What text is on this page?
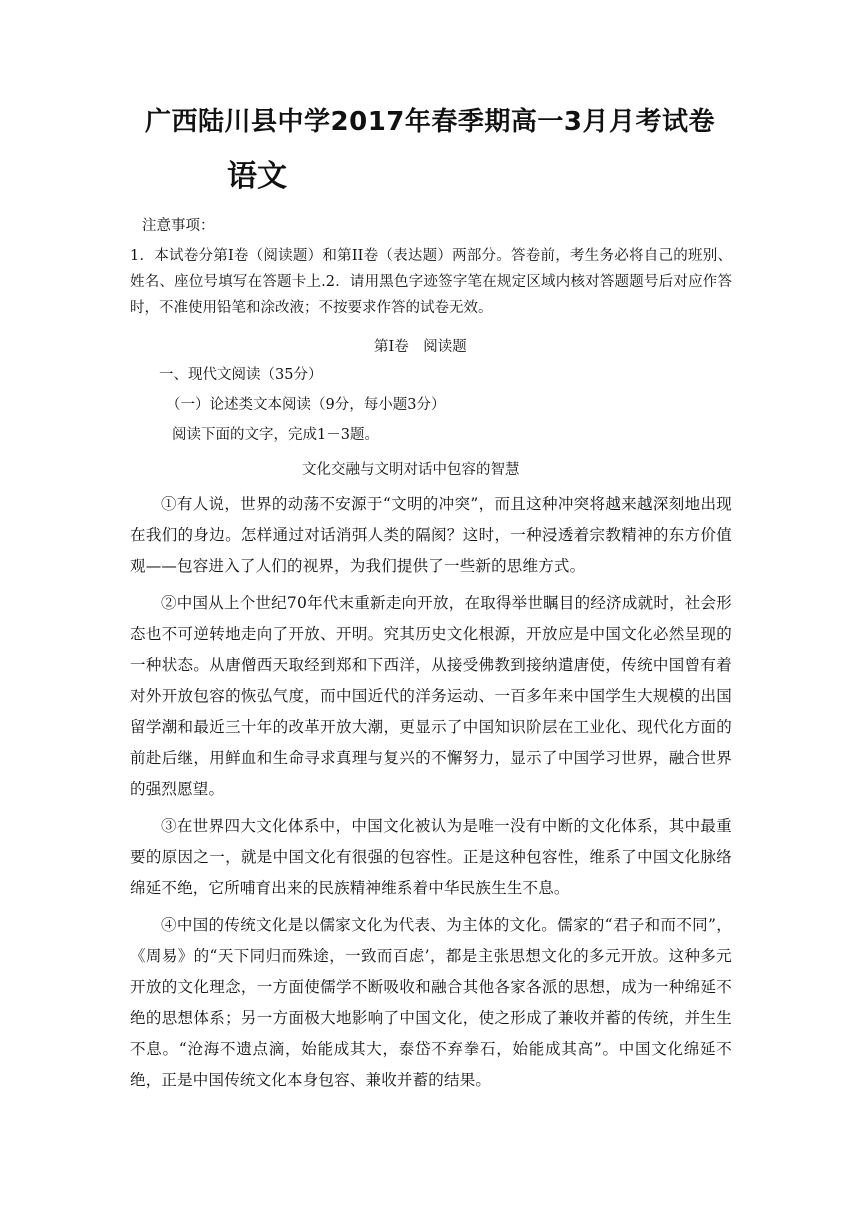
广西陆川县中学2017年春季期高一3月月考试卷
语文
注意事项：
1．本试卷分第Ⅰ卷（阅读题）和第II卷（表达题）两部分。答卷前，考生务必将自己的班别、姓名、座位号填写在答题卡上.2．请用黑色字迹签字笔在规定区域内核对答题题号后对应作答时，不准使用铅笔和涂改液；不按要求作答的试卷无效。
第Ⅰ卷　阅读题
一、现代文阅读（35分）
（一）论述类文本阅读（9分，每小题3分）
阅读下面的文字，完成1－3题。
文化交融与文明对话中包容的智慧

①有人说，世界的动荡不安源于“文明的冲突”，而且这种冲突将越来越深刻地出现在我们的身边。怎样通过对话消弭人类的隔阂？这时，一种浸透着宗教精神的东方价值观——包容进入了人们的视界，为我们提供了一些新的思维方式。

②中国从上个世纪70年代末重新走向开放，在取得举世瞩目的经济成就时，社会形态也不可逆转地走向了开放、开明。究其历史文化根源，开放应是中国文化必然呈现的一种状态。从唐僧西天取经到郑和下西洋，从接受佛教到接纳遣唐使，传统中国曾有着对外开放包容的恢弘气度，而中国近代的洋务运动、一百多年来中国学生大规模的出国留学潮和最近三十年的改革开放大潮，更显示了中国知识阶层在工业化、现代化方面的前赴后继，用鲜血和生命寻求真理与复兴的不懈努力，显示了中国学习世界，融合世界的强烈愿望。

③在世界四大文化体系中，中国文化被认为是唯一没有中断的文化体系，其中最重要的原因之一，就是中国文化有很强的包容性。正是这种包容性，维系了中国文化脉络绵延不绝，它所哺育出来的民族精神维系着中华民族生生不息。

④中国的传统文化是以儒家文化为代表、为主体的文化。儒家的“君子和而不同”，《周易》的“天下同归而殊途，一致而百虑’，都是主张思想文化的多元开放。这种多元开放的文化理念，一方面使儒学不断吸收和融合其他各家各派的思想，成为一种绵延不绝的思想体系；另一方面极大地影响了中国文化，使之形成了兼收并蓄的传统，并生生不息。“沧海不遗点滴，始能成其大，泰岱不弃拳石，始能成其高”。中国文化绵延不绝，正是中国传统文化本身包容、兼收并蓄的结果。
